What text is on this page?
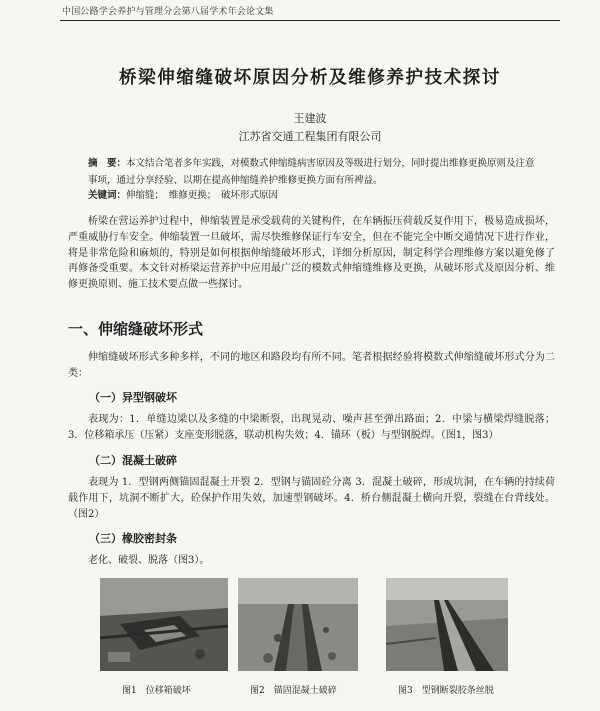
中国公路学会养护与管理分会第八届学术年会论文集
桥梁伸缩缝破坏原因分析及维修养护技术探讨
王建波
江苏省交通工程集团有限公司
摘　要：本文结合笔者多年实践，对模数式伸缩缝病害原因及等级进行划分，同时提出维修更换原则及注意事项，通过分享经验、以期在提高伸缩缝养护维修更换方面有所裨益。
关键词：伸缩缝；　维修更换；　破坏形式原因
桥梁在营运养护过程中，伸缩装置是承受载荷的关键构件，在车辆振压荷载反复作用下，极易造成损坏，严重威胁行车安全。伸缩装置一旦破坏，需尽快维修保证行车安全，但在不能完全中断交通情况下进行作业，将是非常危险和麻烦的，特别是如何根据伸缩缝破坏形式，详细分析原因，制定科学合理维修方案以避免修了再修备受重要。本文针对桥梁运营养护中应用最广泛的模数式伸缩缝维修及更换，从破坏形式及原因分析、维修更换原则、施工技术要点做一些探讨。
一、伸缩缝破坏形式
伸缩缝破坏形式多种多样，不同的地区和路段均有所不同。笔者根据经验将模数式伸缩缝破坏形式分为二类：
（一）异型钢破坏
表现为：1．单缝边梁以及多缝的中梁断裂，出现晃动、噪声甚至弹出路面；2．中梁与横梁焊缝脱落；3．位移箱承压（压紧）支座变形脱落，联动机构失效；4．锚环（板）与型钢脱焊。（图1，图3）
（二）混凝土破碎
表现为 1．型钢两侧锚固混凝土开裂 2．型钢与锚固砼分离 3．混凝土破碎，形成坑洞，在车辆的持续荷载作用下，坑洞不断扩大，砼保护作用失效，加速型钢破坏。4．桥台侧混凝土横向开裂，裂缝在台背线处。（图2）
（三）橡胶密封条
老化、破裂、脱落（图3）。
图1　位移箱破坏	图2　锚固混凝土破碎	图3　型钢断裂胶条丝脱
